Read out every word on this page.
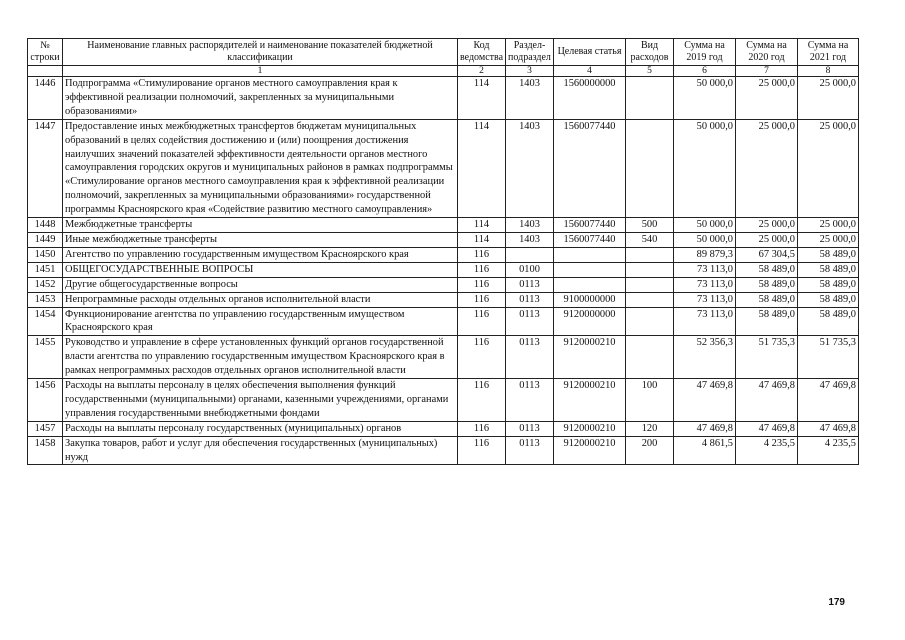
№ строки	Наименование главных распорядителей и наименование показателей бюджетной классификации	Код ведомства	Раздел-подраздел	Целевая статья	Вид расходов	Сумма на 2019 год	Сумма на 2020 год	Сумма на 2021 год
	1	2	3	4	5	6	7	8
1446	Подпрограмма «Стимулирование органов местного самоуправления края к эффективной реализации полномочий, закрепленных за муниципальными образованиями»	114	1403	1560000000		50 000,0	25 000,0	25 000,0
1447	Предоставление иных межбюджетных трансфертов бюджетам муниципальных образований в целях содействия достижению и (или) поощрения достижения наилучших значений показателей эффективности деятельности органов местного самоуправления городских округов и муниципальных районов в рамках подпрограммы «Стимулирование органов местного самоуправления края к эффективной реализации полномочий, закрепленных за муниципальными образованиями» государственной программы Красноярского края «Содействие развитию местного самоуправления»	114	1403	1560077440		50 000,0	25 000,0	25 000,0
1448	Межбюджетные трансферты	114	1403	1560077440	500	50 000,0	25 000,0	25 000,0
1449	Иные межбюджетные трансферты	114	1403	1560077440	540	50 000,0	25 000,0	25 000,0
1450	Агентство по управлению государственным имуществом Красноярского края	116				89 879,3	67 304,5	58 489,0
1451	ОБЩЕГОСУДАРСТВЕННЫЕ ВОПРОСЫ	116	0100			73 113,0	58 489,0	58 489,0
1452	Другие общегосударственные вопросы	116	0113			73 113,0	58 489,0	58 489,0
1453	Непрограммные расходы отдельных органов исполнительной власти	116	0113	9100000000		73 113,0	58 489,0	58 489,0
1454	Функционирование агентства по управлению государственным имуществом Красноярского края	116	0113	9120000000		73 113,0	58 489,0	58 489,0
1455	Руководство и управление в сфере установленных функций органов государственной власти агентства по управлению государственным имуществом Красноярского края в рамках непрограммных расходов отдельных органов исполнительной власти	116	0113	9120000210		52 356,3	51 735,3	51 735,3
1456	Расходы на выплаты персоналу в целях обеспечения выполнения функций государственными (муниципальными) органами, казенными учреждениями, органами управления государственными внебюджетными фондами	116	0113	9120000210	100	47 469,8	47 469,8	47 469,8
1457	Расходы на выплаты персоналу государственных (муниципальных) органов	116	0113	9120000210	120	47 469,8	47 469,8	47 469,8
1458	Закупка товаров, работ и услуг для обеспечения государственных (муниципальных) нужд	116	0113	9120000210	200	4 861,5	4 235,5	4 235,5
179
